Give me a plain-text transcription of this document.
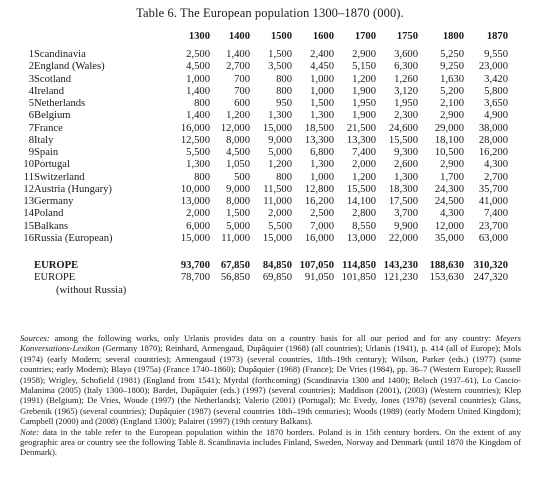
Table 6. The European population 1300–1870 (000).
		1300	1400	1500	1600	1700	1750	1800	1870
1	Scandinavia	2,500	1,400	1,500	2,400	2,900	3,600	5,250	9,550
2	England (Wales)	4,500	2,700	3,500	4,450	5,150	6,300	9,250	23,000
3	Scotland	1,000	700	800	1,000	1,200	1,260	1,630	3,420
4	Ireland	1,400	700	800	1,000	1,900	3,120	5,200	5,800
5	Netherlands	800	600	950	1,500	1,950	1,950	2,100	3,650
6	Belgium	1,400	1,200	1,300	1,300	1,900	2,300	2,900	4,900
7	France	16,000	12,000	15,000	18,500	21,500	24,600	29,000	38,000
8	Italy	12,500	8,000	9,000	13,300	13,300	15,500	18,100	28,000
9	Spain	5,500	4,500	5,000	6,800	7,400	9,300	10,500	16,200
10	Portugal	1,300	1,050	1,200	1,300	2,000	2,600	2,900	4,300
11	Switzerland	800	500	800	1,000	1,200	1,300	1,700	2,700
12	Austria (Hungary)	10,000	9,000	11,500	12,800	15,500	18,300	24,300	35,700
13	Germany	13,000	8,000	11,000	16,200	14,100	17,500	24,500	41,000
14	Poland	2,000	1,500	2,000	2,500	2,800	3,700	4,300	7,400
15	Balkans	6,000	5,000	5,500	7,000	8,550	9,900	12,000	23,700
16	Russia (European)	15,000	11,000	15,000	16,000	13,000	22,000	35,000	63,000

	EUROPE	93,700	67,850	84,850	107,050	114,850	143,230	188,630	310,320
	EUROPE	78,700	56,850	69,850	91,050	101,850	121,230	153,630	247,320
	(without Russia)								

Sources: among the following works, only Urlanis provides data on a country basis for all our period and for any country: Meyers Konversations-Lexikon (Germany 1870); Reinhard, Armengaud, Dupâquier (1968) (all countries); Urlanis (1941), p. 414 (all of Europe); Mols (1974) (early Modern; several countries); Armengaud (1973) (several countries, 18th–19th century); Wilson, Parker (eds.) (1977) (some countries; early Modern); Blayo (1975a) (France 1740–1860); Dupâquier (1968) (France); De Vries (1984), pp. 36–7 (Western Europe); Russell (1958); Wrigley, Schofield (1981) (England from 1541); Myrdal (forthcoming) (Scandinavia 1300 and 1400); Beloch (1937–61), Lo Cascio-Malanima (2005) (Italy 1300–1800); Bardet, Dupâquier (eds.) (1997) (several countries); Maddison (2001), (2003) (Western countries); Klep (1991) (Belgium); De Vries, Woude (1997) (the Netherlands); Valerio (2001) (Portugal); Mc Evedy, Jones (1978) (several countries); Glass, Grebenik (1965) (several countries); Dupâquier (1987) (several countries 18th–19th centuries); Woods (1989) (early Modern United Kingdom); Campbell (2000) and (2008) (England 1300); Palairet (1997) (19th century Balkans).

Note: data in the table refer to the European population within the 1870 borders. Poland is in 15th century borders. On the extent of any geographic area or country see the following Table 8. Scandinavia includes Finland, Sweden, Norway and Denmark (until 1870 the Kingdom of Denmark).
